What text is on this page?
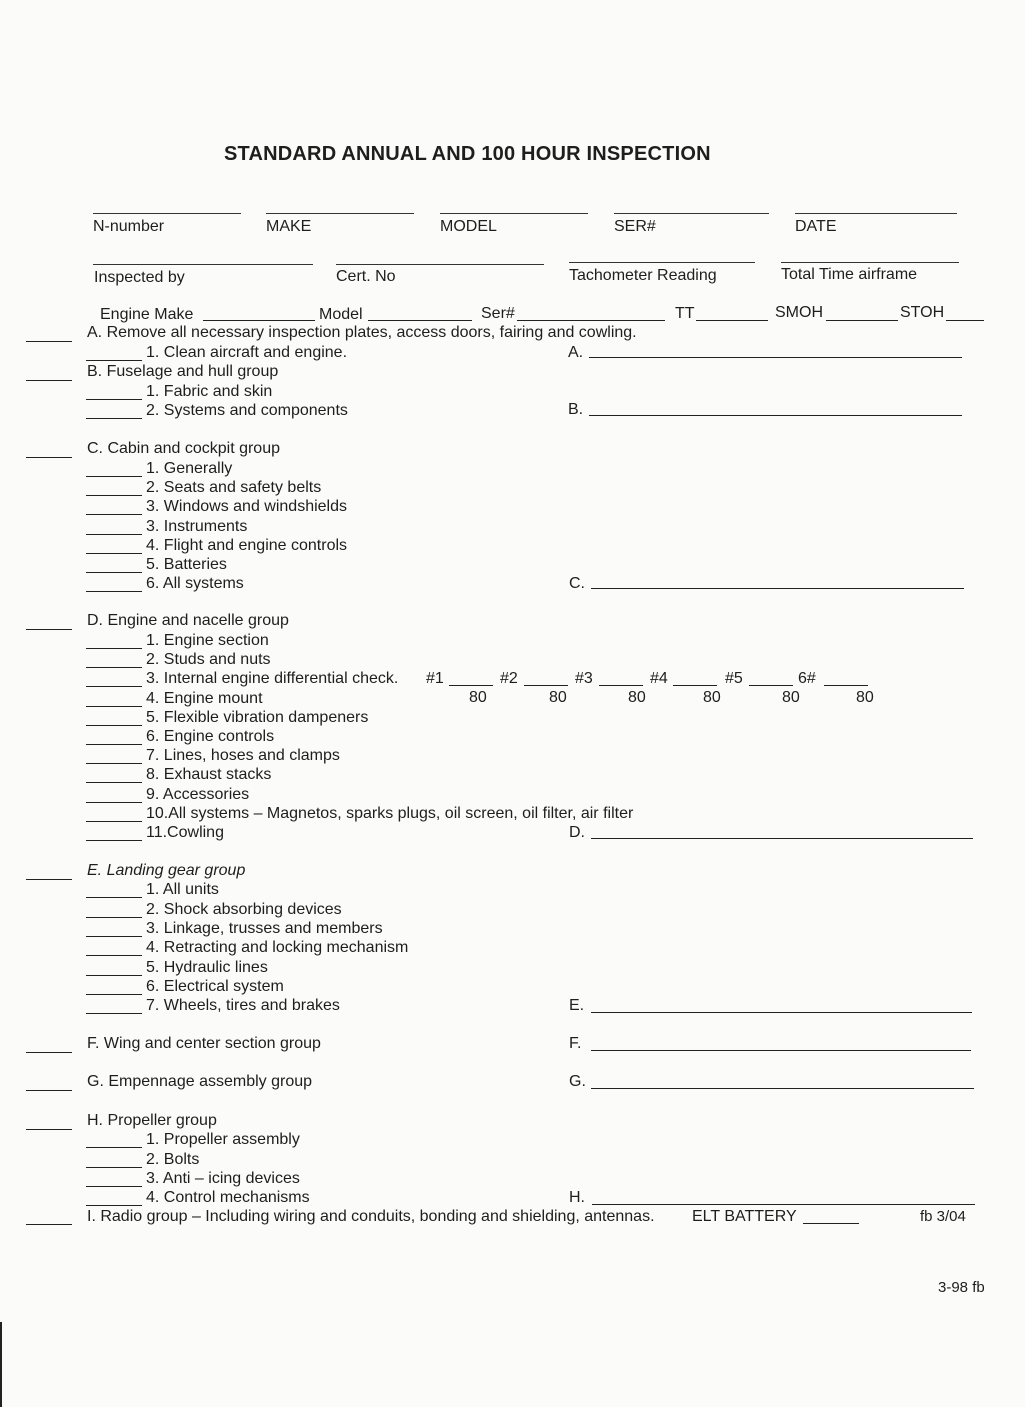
STANDARD ANNUAL AND 100 HOUR INSPECTION
N-number	MAKE	MODEL	SER#	DATE
Inspected by	Cert. No	Tachometer Reading	Total Time airframe
Engine Make	Model	Ser#	TT	SMOH	STOH
A. Remove all necessary inspection plates, access doors, fairing and cowling.
1. Clean aircraft and engine.	A.
B. Fuselage and hull group
1. Fabric and skin
2. Systems and components	B.
C. Cabin and cockpit group
1. Generally
2. Seats and safety belts
3. Windows and windshields
3. Instruments
4. Flight and engine controls
5. Batteries
6. All systems	C.
D. Engine and nacelle group
1. Engine section
2. Studs and nuts
3. Internal engine differential check. #1	#2	#3	#4	#5	6#
80	80	80	80	80	80
4. Engine mount
5. Flexible vibration dampeners
6. Engine controls
7. Lines, hoses and clamps
8. Exhaust stacks
9. Accessories
10.All systems – Magnetos, sparks plugs, oil screen, oil filter, air filter
11.Cowling	D.
E. Landing gear group
1. All units
2. Shock absorbing devices
3. Linkage, trusses and members
4. Retracting and locking mechanism
5. Hydraulic lines
6. Electrical system
7. Wheels, tires and brakes	E.
F. Wing and center section group	F.
G. Empennage assembly group	G.
H. Propeller group
1. Propeller assembly
2. Bolts
3. Anti – icing devices
4. Control mechanisms	H.
I. Radio group – Including wiring and conduits, bonding and shielding, antennas. ELT BATTERY	fb 3/04
3-98 fb
